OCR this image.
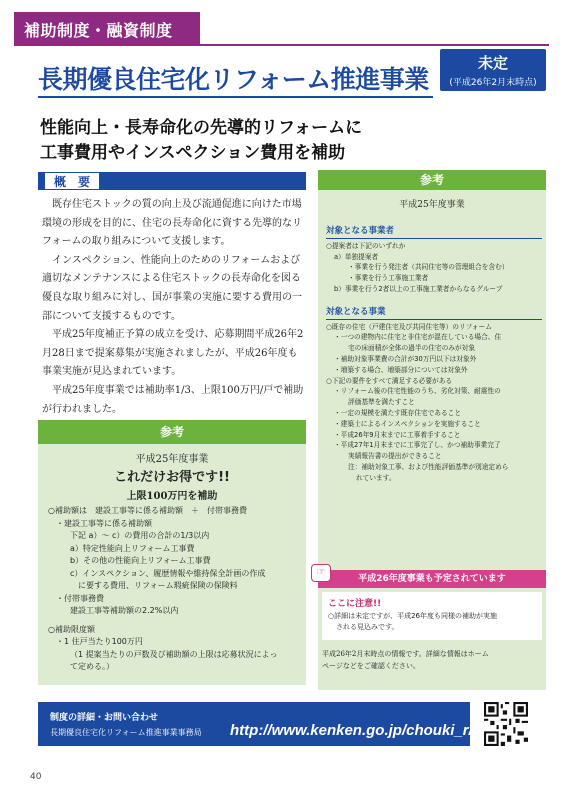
補助制度・融資制度
未定
(平成26年2月末時点)
長期優良住宅化リフォーム推進事業
性能向上・長寿命化の先導的リフォームに
工事費用やインスペクション費用を補助
概　要

既存住宅ストックの質の向上及び流通促進に向けた市場環境の形成を目的に、住宅の長寿命化に資する先導的なリフォームの取り組みについて支援します。

インスペクション、性能向上のためのリフォームおよび適切なメンテナンスによる住宅ストックの長寿命化を図る優良な取り組みに対し、国が事業の実施に要する費用の一部について支援するものです。

平成25年度補正予算の成立を受け、応募期間平成26年2月28日まで提案募集が実施されましたが、平成26年度も事業実施が見込まれています。

平成25年度事業では補助率1/3、上限100万円/戸で補助が行われました。

参考
平成25年度事業
これだけお得です!!
上限100万円を補助
○補助額は　建設工事等に係る補助額　＋　付帯事務費
・建設工事等に係る補助額
下記 a）～ c）の費用の合計の1/3以内
a）特定性能向上リフォーム工事費
b）その他の性能向上リフォーム工事費
c）インスペクション、履歴情報や維持保全計画の作成
に要する費用、リフォーム瑕疵保険の保険料
・付帯事務費
建設工事等補助額の2.2%以内
○補助限度額
・1 住戸当たり100万円
（1 提案当たりの戸数及び補助額の上限は応募状況によっ
て定める。）
参考
平成25年度事業
対象となる事業者
○提案者は下記のいずれか
a）単独提案者
・事業を行う発注者（共同住宅等の管理組合を含む）
・事業を行う工事施工業者
b）事業を行う2者以上の工事施工業者からなるグループ
対象となる事業
○既存の住宅（戸建住宅及び共同住宅等）のリフォーム
・一つの建物内に住宅と非住宅が混在している場合、住
宅の床面積が全体の過半の住宅のみが対象
・補助対象事業費の合計が30万円以下は対象外
・増築する場合、増築部分については対象外
○下記の要件をすべて満足する必要がある
・リフォーム後の住宅性能のうち、劣化対策、耐震性の
評価基準を満たすこと
・一定の規模を満たす既存住宅であること
・建築士によるインスペクションを実施すること
・平成26年9月末までに工事着手すること
・平成27年1月末までに工事完了し、かつ補助事業完了
実績報告書の提出ができること
注：補助対象工事、および性能評価基準が別途定めら
れています。
平成26年度事業も予定されています
☞
ここに注意!!
○詳細は未定ですが、平成26年度も同様の補助が実施
される見込みです。
平成26年2月末時点の情報です。詳細な情報はホーム
ページなどをご確認ください。
制度の詳細・お問い合わせ
長期優良住宅化リフォーム推進事業事務局 http://www.kenken.go.jp/chouki_r/
40
